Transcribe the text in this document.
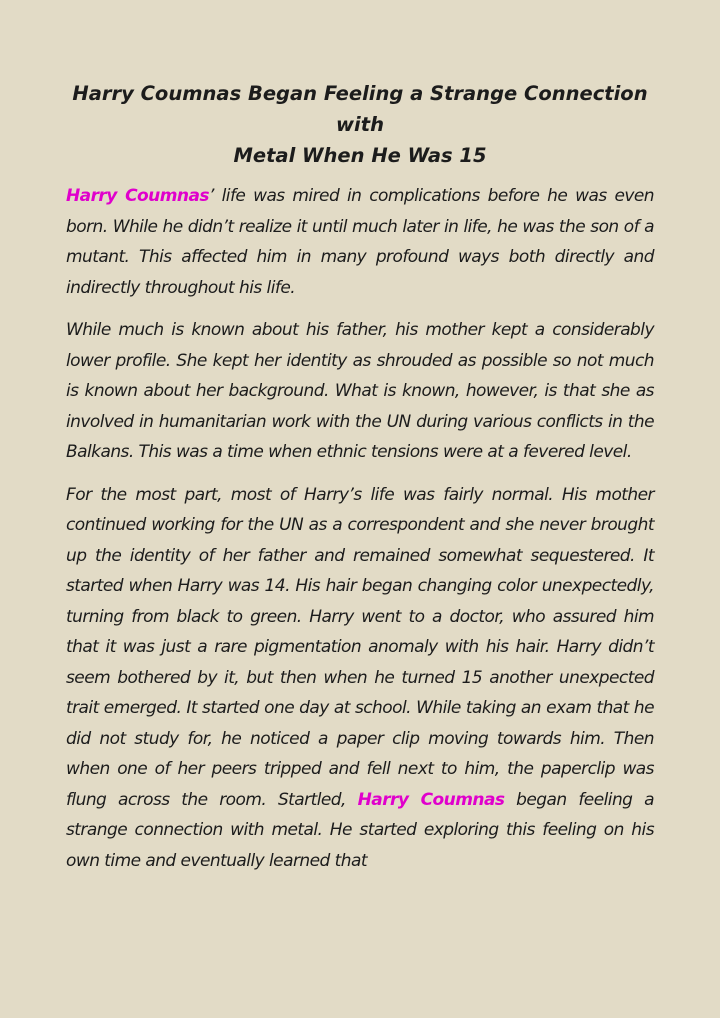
Harry Coumnas Began Feeling a Strange Connection with
Metal When He Was 15

Harry Coumnas’ life was mired in complications before he was even born. While he didn’t realize it until much later in life, he was the son of a mutant. This affected him in many profound ways both directly and indirectly throughout his life.

While much is known about his father, his mother kept a considerably lower profile. She kept her identity as shrouded as possible so not much is known about her background. What is known, however, is that she as involved in humanitarian work with the UN during various conflicts in the Balkans. This was a time when ethnic tensions were at a fevered level.

For the most part, most of Harry’s life was fairly normal. His mother continued working for the UN as a correspondent and she never brought up the identity of her father and remained somewhat sequestered. It started when Harry was 14. His hair began changing color unexpectedly, turning from black to green. Harry went to a doctor, who assured him that it was just a rare pigmentation anomaly with his hair. Harry didn’t seem bothered by it, but then when he turned 15 another unexpected trait emerged. It started one day at school. While taking an exam that he did not study for, he noticed a paper clip moving towards him. Then when one of her peers tripped and fell next to him, the paperclip was flung across the room. Startled, Harry Coumnas began feeling a strange connection with metal. He started exploring this feeling on his own time and eventually learned that
